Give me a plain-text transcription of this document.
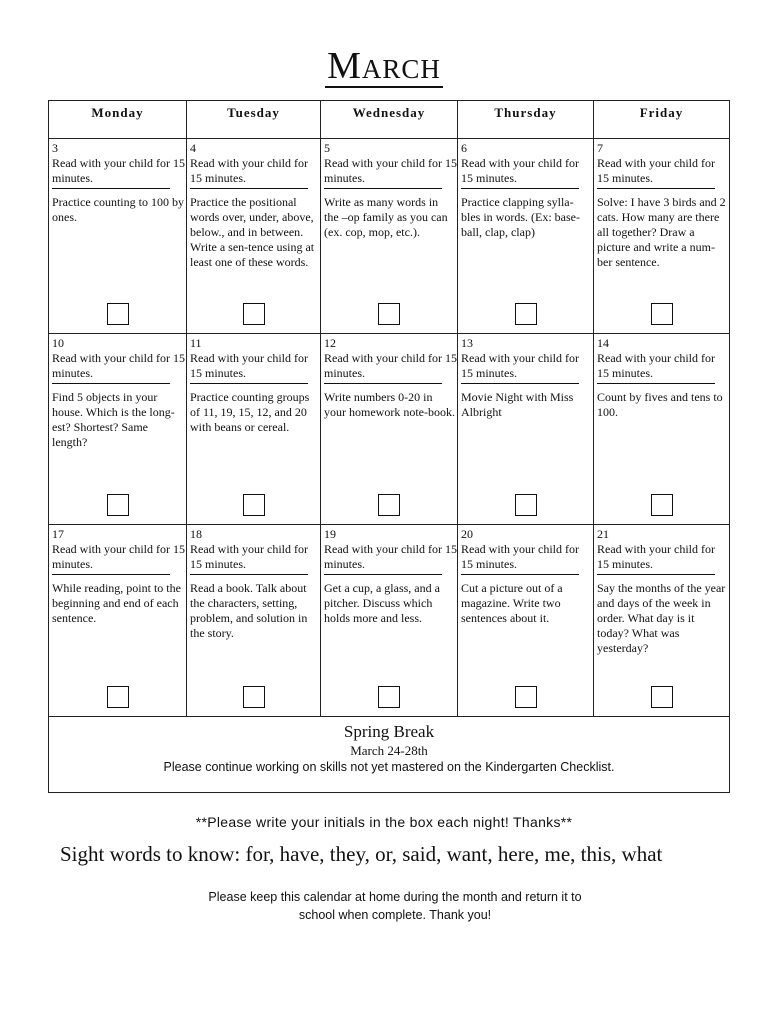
March
Monday	Tuesday	Wednesday	Thursday	Friday

3
Read with your child for 15 minutes.
Practice counting to 100 by ones.	4
Read with your child for 15 minutes.
Practice the positional words over, under, above, below., and in between. Write a sen-tence using at least one of these words.	5
Read with your child for 15 minutes.
Write as many words in the –op family as you can (ex. cop, mop, etc.).	6
Read with your child for 15 minutes.
Practice clapping sylla-bles in words. (Ex: base-ball, clap, clap)	7
Read with your child for 15 minutes.
Solve: I have 3 birds and 2 cats. How many are there all together? Draw a picture and write a num-ber sentence.

10
Read with your child for 15 minutes.
Find 5 objects in your house. Which is the long-est? Shortest? Same length?	11
Read with your child for 15 minutes.
Practice counting groups of 11, 19, 15, 12, and 20 with beans or cereal.	12
Read with your child for 15 minutes.
Write numbers 0-20 in your homework note-book.	13
Read with your child for 15 minutes.
Movie Night with Miss Albright	14
Read with your child for 15 minutes.
Count by fives and tens to 100.

17
Read with your child for 15 minutes.
While reading, point to the beginning and end of each sentence.	18
Read with your child for 15 minutes.
Read a book. Talk about the characters, setting, problem, and solution in the story.	19
Read with your child for 15 minutes.
Get a cup, a glass, and a pitcher. Discuss which holds more and less.	20
Read with your child for 15 minutes.
Cut a picture out of a magazine. Write two sentences about it.	21
Read with your child for 15 minutes.
Say the months of the year and days of the week in order. What day is it today? What was yesterday?

Spring Break
March 24-28th
Please continue working on skills not yet mastered on the Kindergarten Checklist.				
**Please write your initials in the box each night! Thanks**
Sight words to know: for, have, they, or, said, want, here, me, this, what
Please keep this calendar at home during the month and return it to
school when complete. Thank you!
